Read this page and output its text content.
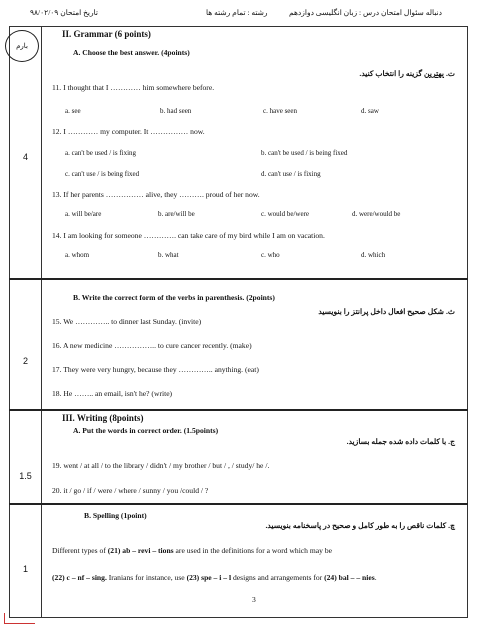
تاریخ امتحان ۹۸/۰۲/۰۹	رشته : تمام رشته ها	دنباله سئوال امتحان درس : زبان انگلیسی دوازدهم
بارم
4
2
1.5
1
II. Grammar (6 points)
A. Choose the best answer. (4points)
ت. بهترین گزینه را انتخاب کنید.
11. I thought that I ………… him somewhere before.
a. see	b. had seen	c. have seen	d. saw
12. I ………… my computer. It …………… now.
a. can't be used / is fixing	b. can't be used / is being fixed
c. can't use / is being fixed	d. can't use / is fixing
13. If her parents …………… alive, they ………. proud of her now.
a. will be/are	b. are/will be	c. would be/were	d. were/would be
14. I am looking for someone …………. can take care of my bird while I am on vacation.
a. whom	b. what	c. who	d. which
B. Write the correct form of the verbs in parenthesis. (2points)
ث. شکل صحیح افعال داخل پرانتز را بنویسید
15. We ………….. to dinner last Sunday. (invite)
16. A new medicine …………….. to cure cancer recently. (make)
17. They were very hungry, because they ………….. anything. (eat)
18. He …….. an email, isn't he? (write)
III. Writing (8points)
A. Put the words in correct order. (1.5points)
ج. با کلمات داده شده جمله بسازید.
19. went / at all / to the library / didn't / my brother / but / , / study/ he /.
20. it / go / if / were / where / sunny / you /could / ?
B. Spelling (1point)
چ. کلمات ناقص را به طور کامل و صحیح در پاسخنامه بنویسید.
Different types of (21) ab – revi – tions are used in the definitions for a word which may be
(22) c – nf – sing. Iranians for instance, use (23) spe – i – l designs and arrangements for (24) bal – – nies.
3
